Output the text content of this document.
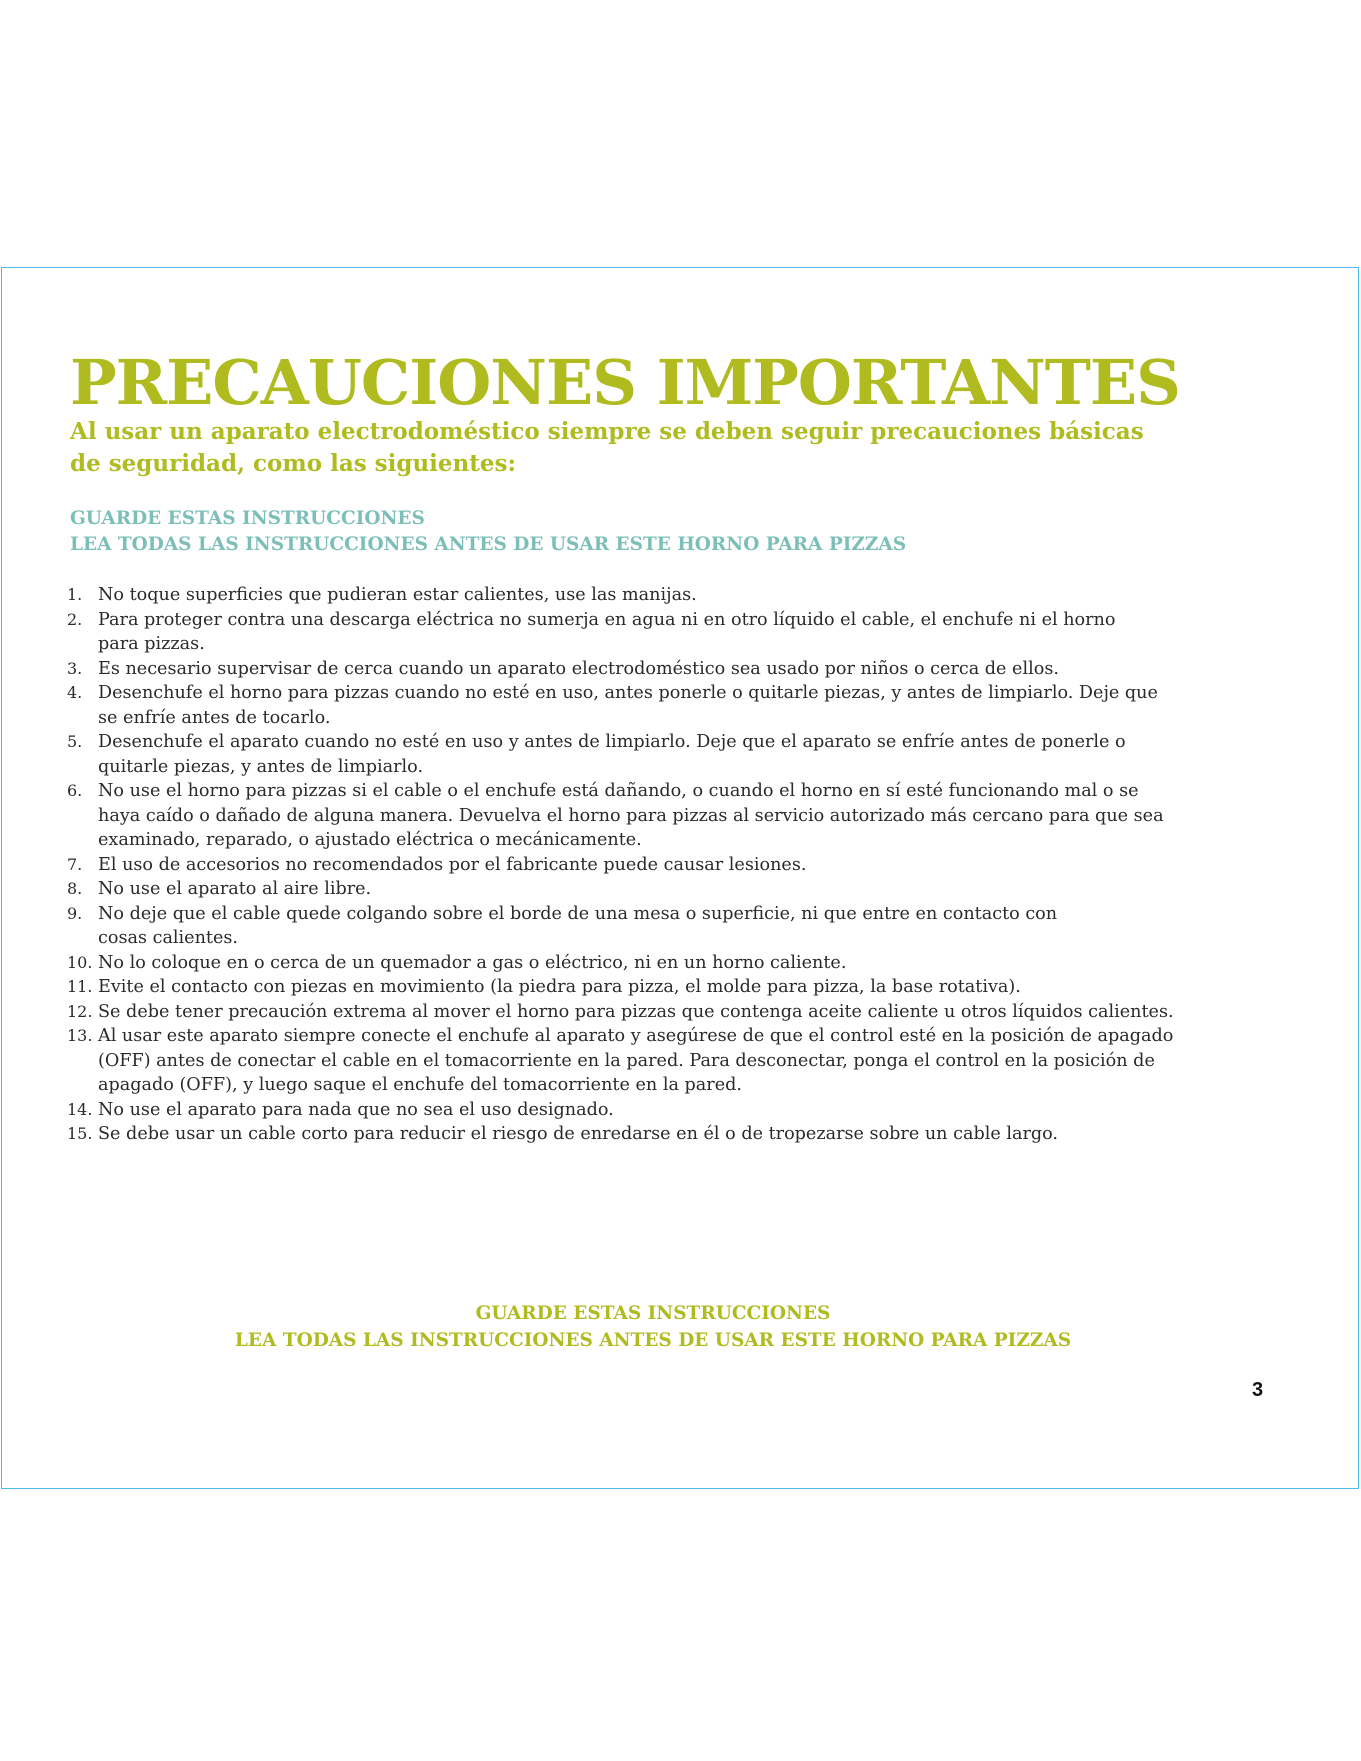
PRECAUCIONES IMPORTANTES
Al usar un aparato electrodoméstico siempre se deben seguir precauciones básicas
de seguridad, como las siguientes:
GUARDE ESTAS INSTRUCCIONES
LEA TODAS LAS INSTRUCCIONES ANTES DE USAR ESTE HORNO PARA PIZZAS
1. No toque superficies que pudieran estar calientes, use las manijas.
2. Para proteger contra una descarga eléctrica no sumerja en agua ni en otro líquido el cable, el enchufe ni el horno
para pizzas.
3. Es necesario supervisar de cerca cuando un aparato electrodoméstico sea usado por niños o cerca de ellos.
4. Desenchufe el horno para pizzas cuando no esté en uso, antes ponerle o quitarle piezas, y antes de limpiarlo. Deje que
se enfríe antes de tocarlo.
5. Desenchufe el aparato cuando no esté en uso y antes de limpiarlo. Deje que el aparato se enfríe antes de ponerle o
quitarle piezas, y antes de limpiarlo.
6. No use el horno para pizzas si el cable o el enchufe está dañando, o cuando el horno en sí esté funcionando mal o se
haya caído o dañado de alguna manera. Devuelva el horno para pizzas al servicio autorizado más cercano para que sea
examinado, reparado, o ajustado eléctrica o mecánicamente.
7. El uso de accesorios no recomendados por el fabricante puede causar lesiones.
8. No use el aparato al aire libre.
9. No deje que el cable quede colgando sobre el borde de una mesa o superficie, ni que entre en contacto con
cosas calientes.
10. No lo coloque en o cerca de un quemador a gas o eléctrico, ni en un horno caliente.
11. Evite el contacto con piezas en movimiento (la piedra para pizza, el molde para pizza, la base rotativa).
12. Se debe tener precaución extrema al mover el horno para pizzas que contenga aceite caliente u otros líquidos calientes.
13. Al usar este aparato siempre conecte el enchufe al aparato y asegúrese de que el control esté en la posición de apagado
(OFF) antes de conectar el cable en el tomacorriente en la pared. Para desconectar, ponga el control en la posición de
apagado (OFF), y luego saque el enchufe del tomacorriente en la pared.
14. No use el aparato para nada que no sea el uso designado.
15. Se debe usar un cable corto para reducir el riesgo de enredarse en él o de tropezarse sobre un cable largo.
GUARDE ESTAS INSTRUCCIONES
LEA TODAS LAS INSTRUCCIONES ANTES DE USAR ESTE HORNO PARA PIZZAS
3
